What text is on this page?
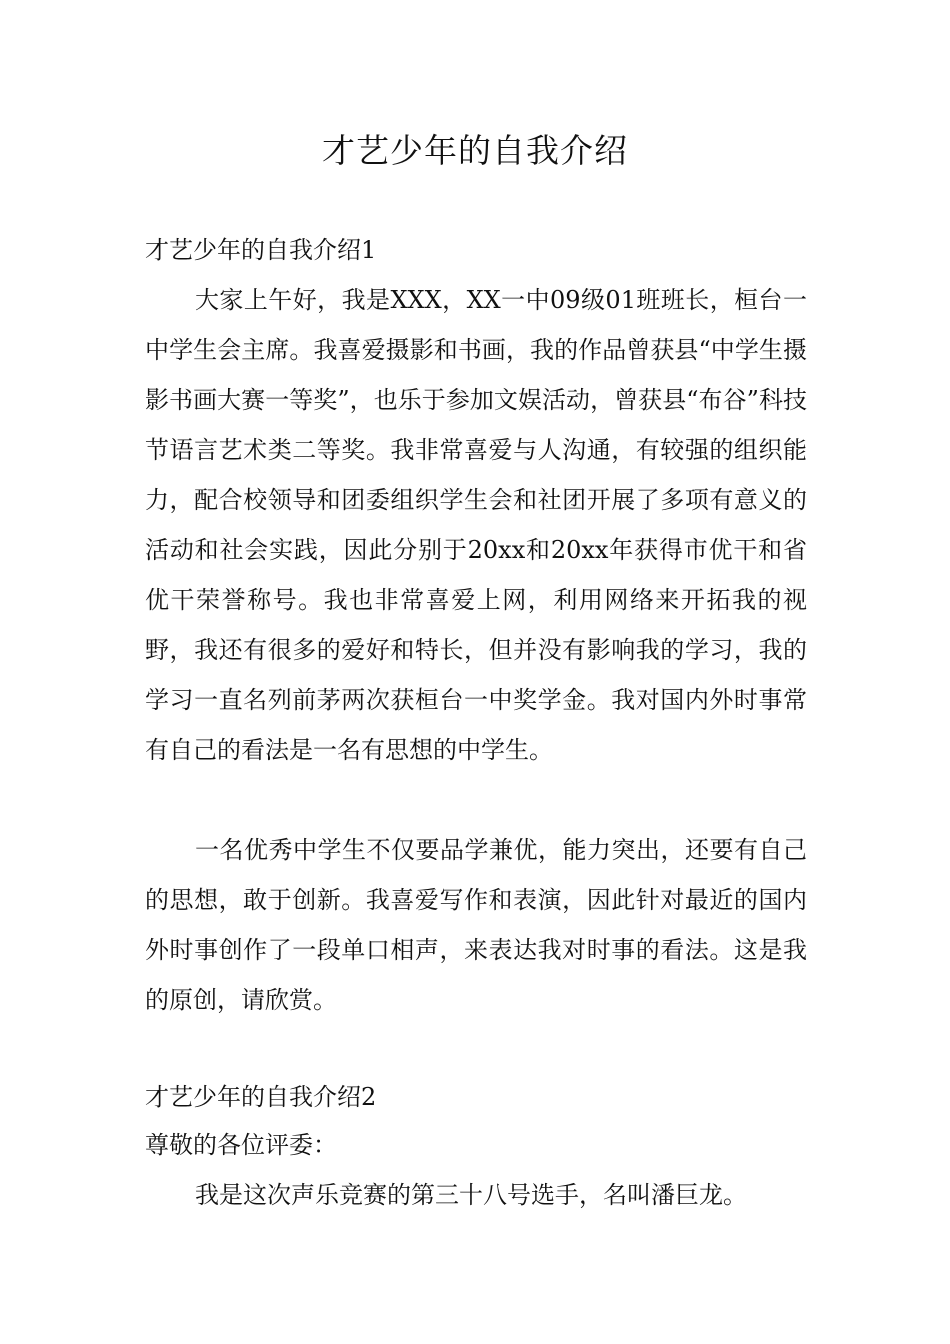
才艺少年的自我介绍
才艺少年的自我介绍1

大家上午好，我是XXX，XX一中09级01班班长，桓台一中学生会主席。我喜爱摄影和书画，我的作品曾获县“中学生摄影书画大赛一等奖”，也乐于参加文娱活动，曾获县“布谷”科技节语言艺术类二等奖。我非常喜爱与人沟通，有较强的组织能力，配合校领导和团委组织学生会和社团开展了多项有意义的活动和社会实践，因此分别于20xx和20xx年获得市优干和省优干荣誉称号。我也非常喜爱上网，利用网络来开拓我的视野，我还有很多的爱好和特长，但并没有影响我的学习，我的学习一直名列前茅两次获桓台一中奖学金。我对国内外时事常有自己的看法是一名有思想的中学生。

一名优秀中学生不仅要品学兼优，能力突出，还要有自己的思想，敢于创新。我喜爱写作和表演，因此针对最近的国内外时事创作了一段单口相声，来表达我对时事的看法。这是我的原创，请欣赏。

才艺少年的自我介绍2
尊敬的各位评委：

我是这次声乐竞赛的第三十八号选手，名叫潘巨龙。
